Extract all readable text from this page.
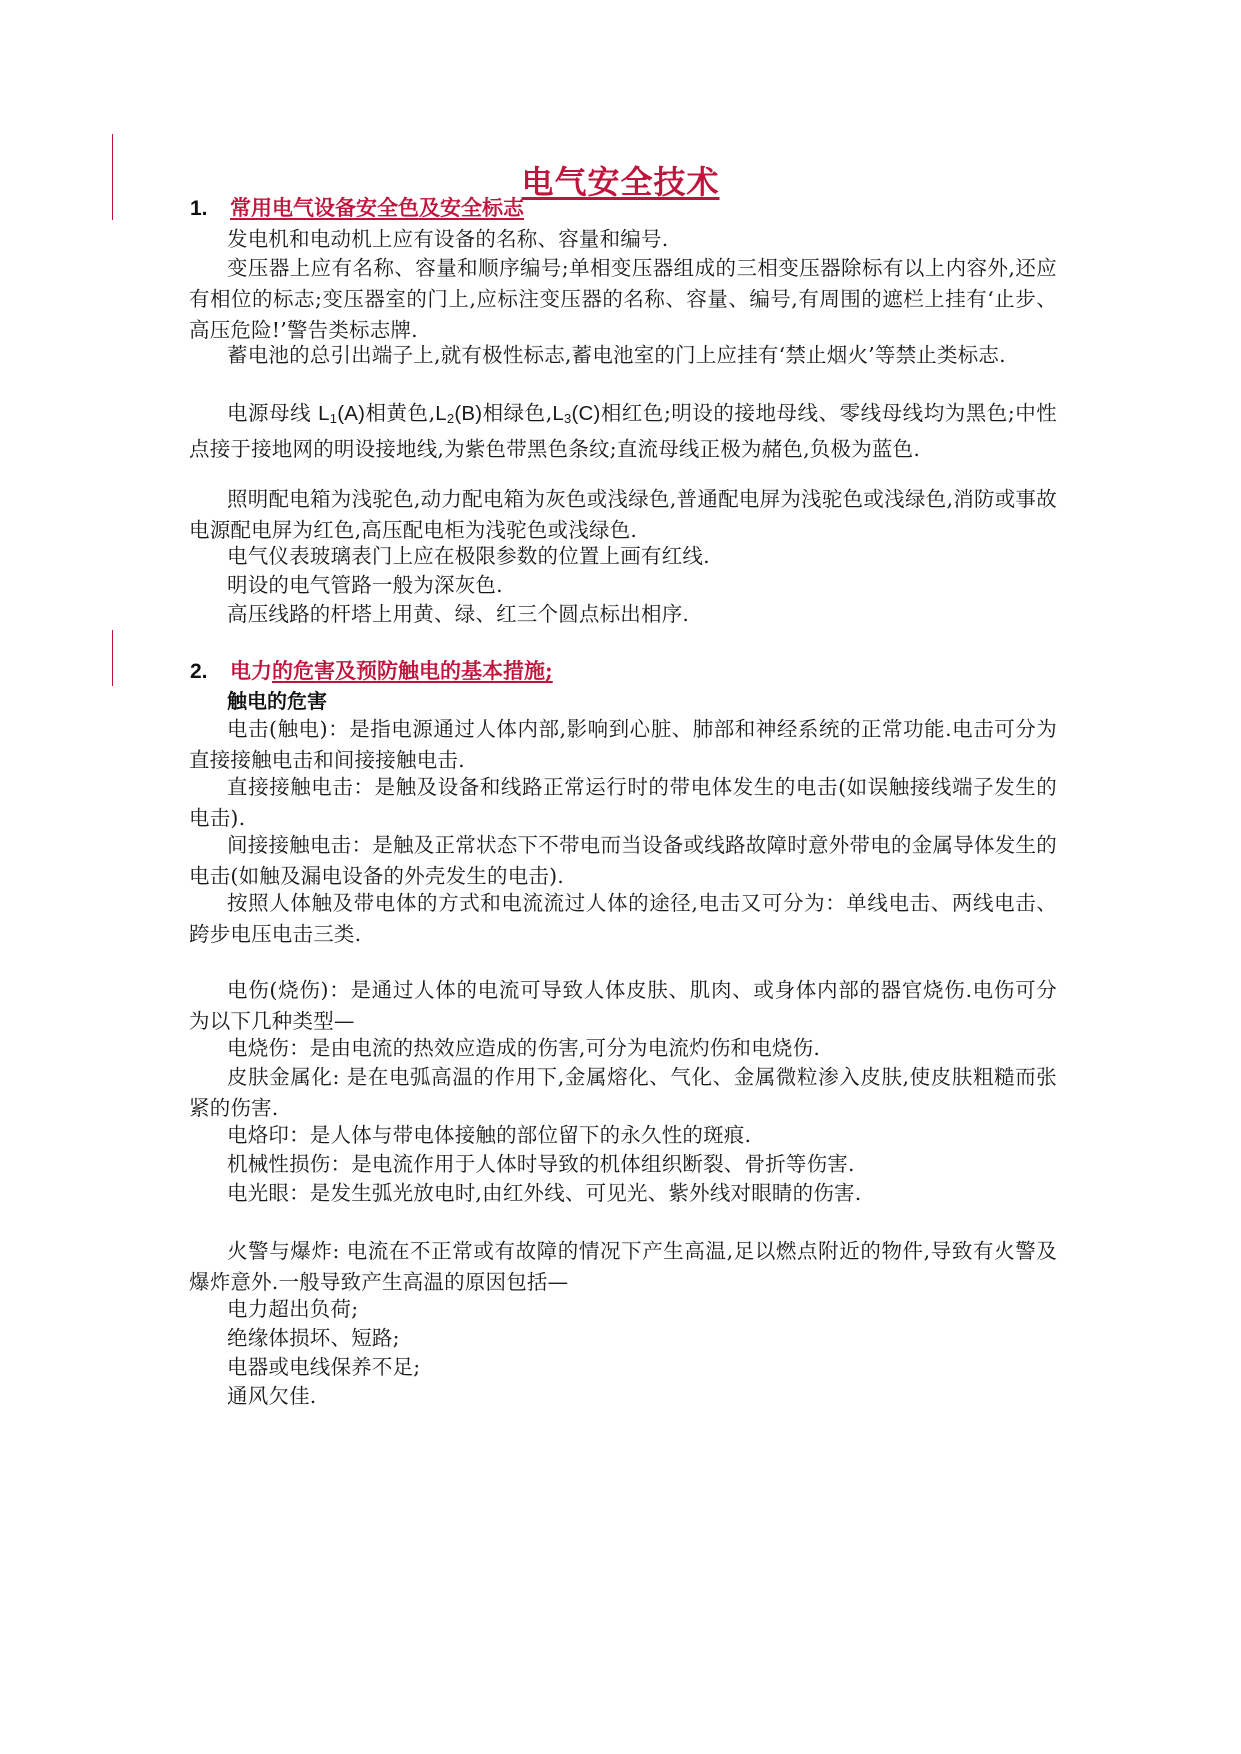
电气安全技术
1. 常用电气设备安全色及安全标志

发电机和电动机上应有设备的名称、容量和编号.

变压器上应有名称、容量和顺序编号;单相变压器组成的三相变压器除标有以上内容外,还应有相位的标志;变压器室的门上,应标注变压器的名称、容量、编号,有周围的遮栏上挂有‘止步、高压危险!’警告类标志牌.

蓄电池的总引出端子上,就有极性标志,蓄电池室的门上应挂有‘禁止烟火’等禁止类标志.

电源母线 $L_1(A)$相黄色$,L_2(B)$相绿色$,L_3(C)$相红色;明设的接地母线、零线母线均为黑色;中性点接于接地网的明设接地线,为紫色带黑色条纹;直流母线正极为赭色,负极为蓝色.

照明配电箱为浅驼色,动力配电箱为灰色或浅绿色,普通配电屏为浅驼色或浅绿色,消防或事故电源配电屏为红色,高压配电柜为浅驼色或浅绿色.

电气仪表玻璃表门上应在极限参数的位置上画有红线.

明设的电气管路一般为深灰色.

高压线路的杆塔上用黄、绿、红三个圆点标出相序.

2. 电力的危害及预防触电的基本措施;
触电的危害

电击(触电)：是指电源通过人体内部,影响到心脏、肺部和神经系统的正常功能.电击可分为直接接触电击和间接接触电击.

直接接触电击：是触及设备和线路正常运行时的带电体发生的电击(如误触接线端子发生的电击).

间接接触电击：是触及正常状态下不带电而当设备或线路故障时意外带电的金属导体发生的电击(如触及漏电设备的外壳发生的电击).

按照人体触及带电体的方式和电流流过人体的途径,电击又可分为：单线电击、两线电击、跨步电压电击三类.

电伤(烧伤)：是通过人体的电流可导致人体皮肤、肌肉、或身体内部的器官烧伤.电伤可分为以下几种类型—

电烧伤：是由电流的热效应造成的伤害,可分为电流灼伤和电烧伤.

皮肤金属化: 是在电弧高温的作用下,金属熔化、气化、金属微粒渗入皮肤,使皮肤粗糙而张紧的伤害.

电烙印：是人体与带电体接触的部位留下的永久性的斑痕.

机械性损伤：是电流作用于人体时导致的机体组织断裂、骨折等伤害.

电光眼：是发生弧光放电时,由红外线、可见光、紫外线对眼睛的伤害.

火警与爆炸: 电流在不正常或有故障的情况下产生高温,足以燃点附近的物件,导致有火警及爆炸意外.一般导致产生高温的原因包括—

电力超出负荷;

绝缘体损坏、短路;

电器或电线保养不足;

通风欠佳.
